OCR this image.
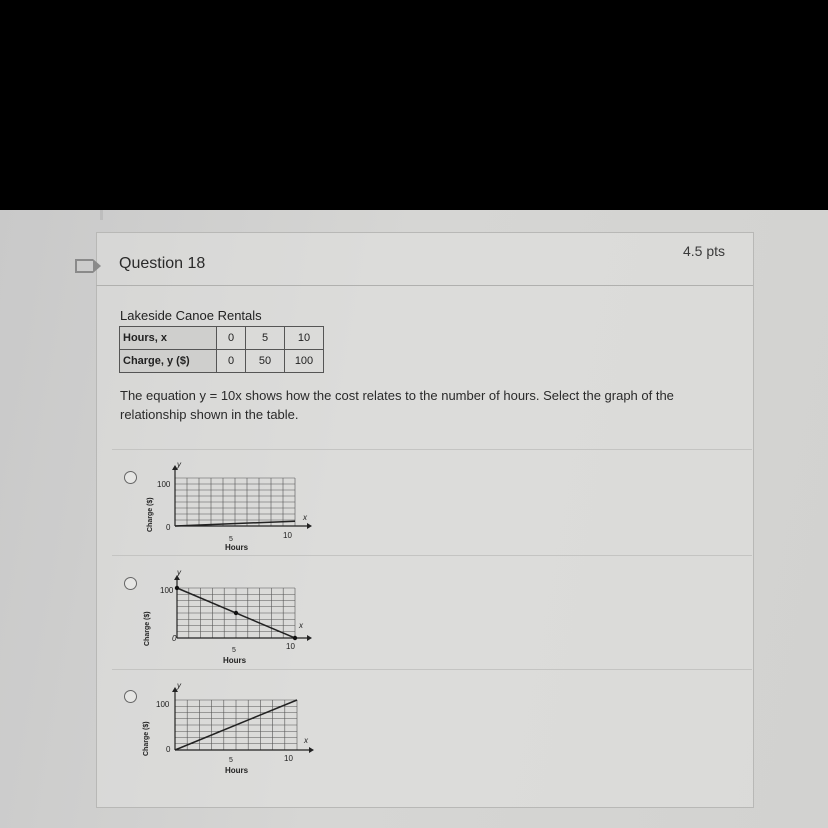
Question 18
4.5 pts
Lakeside Canoe Rentals
Hours, x	0	5	10
Charge, y ($)	0	50	100
The equation y = 10x shows how the cost relates to the number of hours. Select the graph of the relationship shown in the table.
y
100
0
5	10
x
Hours
Charge ($)
y
100
0
5	10
x
Hours
Charge ($)
y
100
0
5	10
x
Hours
Charge ($)
